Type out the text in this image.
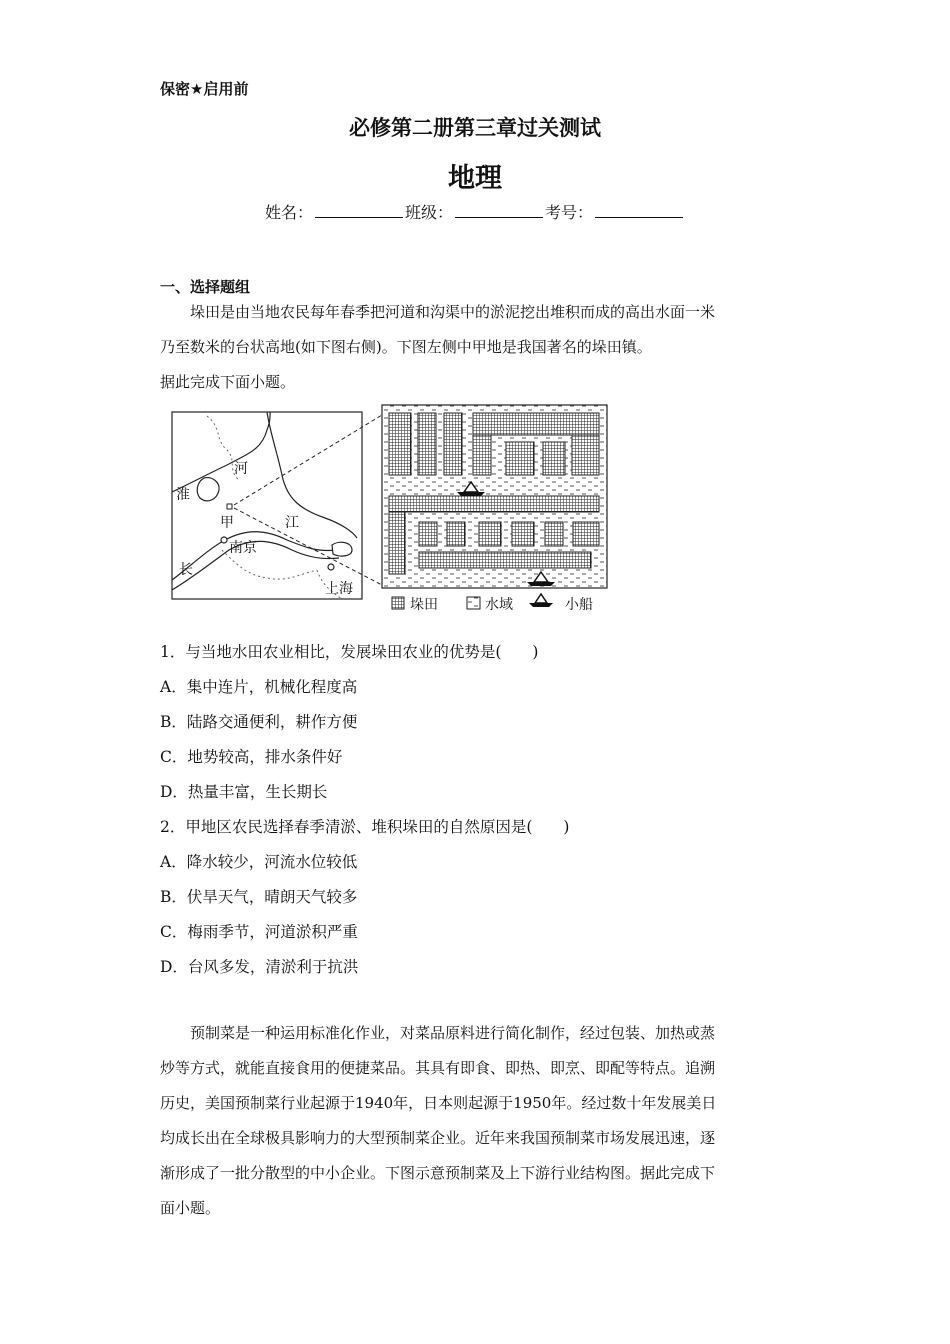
保密★启用前
必修第二册第三章过关测试
地理
姓名：	班级：	考号：
一、选择题组

垛田是由当地农民每年春季把河道和沟渠中的淤泥挖出堆积而成的高出水面一米

乃至数米的台状高地(如下图右侧)。下图左侧中甲地是我国著名的垛田镇。

据此完成下面小题。

河
淮
甲	江
南京
长
上海
垛田	水域	小船
1．与当地水田农业相比，发展垛田农业的优势是(　　)
A．集中连片，机械化程度高
B．陆路交通便利，耕作方便
C．地势较高，排水条件好
D．热量丰富，生长期长
2．甲地区农民选择春季清淤、堆积垛田的自然原因是(　　)
A．降水较少，河流水位较低
B．伏旱天气，晴朗天气较多
C．梅雨季节，河道淤积严重
D．台风多发，清淤利于抗洪

预制菜是一种运用标准化作业，对菜品原料进行简化制作，经过包装、加热或蒸

炒等方式，就能直接食用的便捷菜品。其具有即食、即热、即烹、即配等特点。追溯

历史，美国预制菜行业起源于1940年，日本则起源于1950年。经过数十年发展美日

均成长出在全球极具影响力的大型预制菜企业。近年来我国预制菜市场发展迅速，逐

渐形成了一批分散型的中小企业。下图示意预制菜及上下游行业结构图。据此完成下

面小题。
